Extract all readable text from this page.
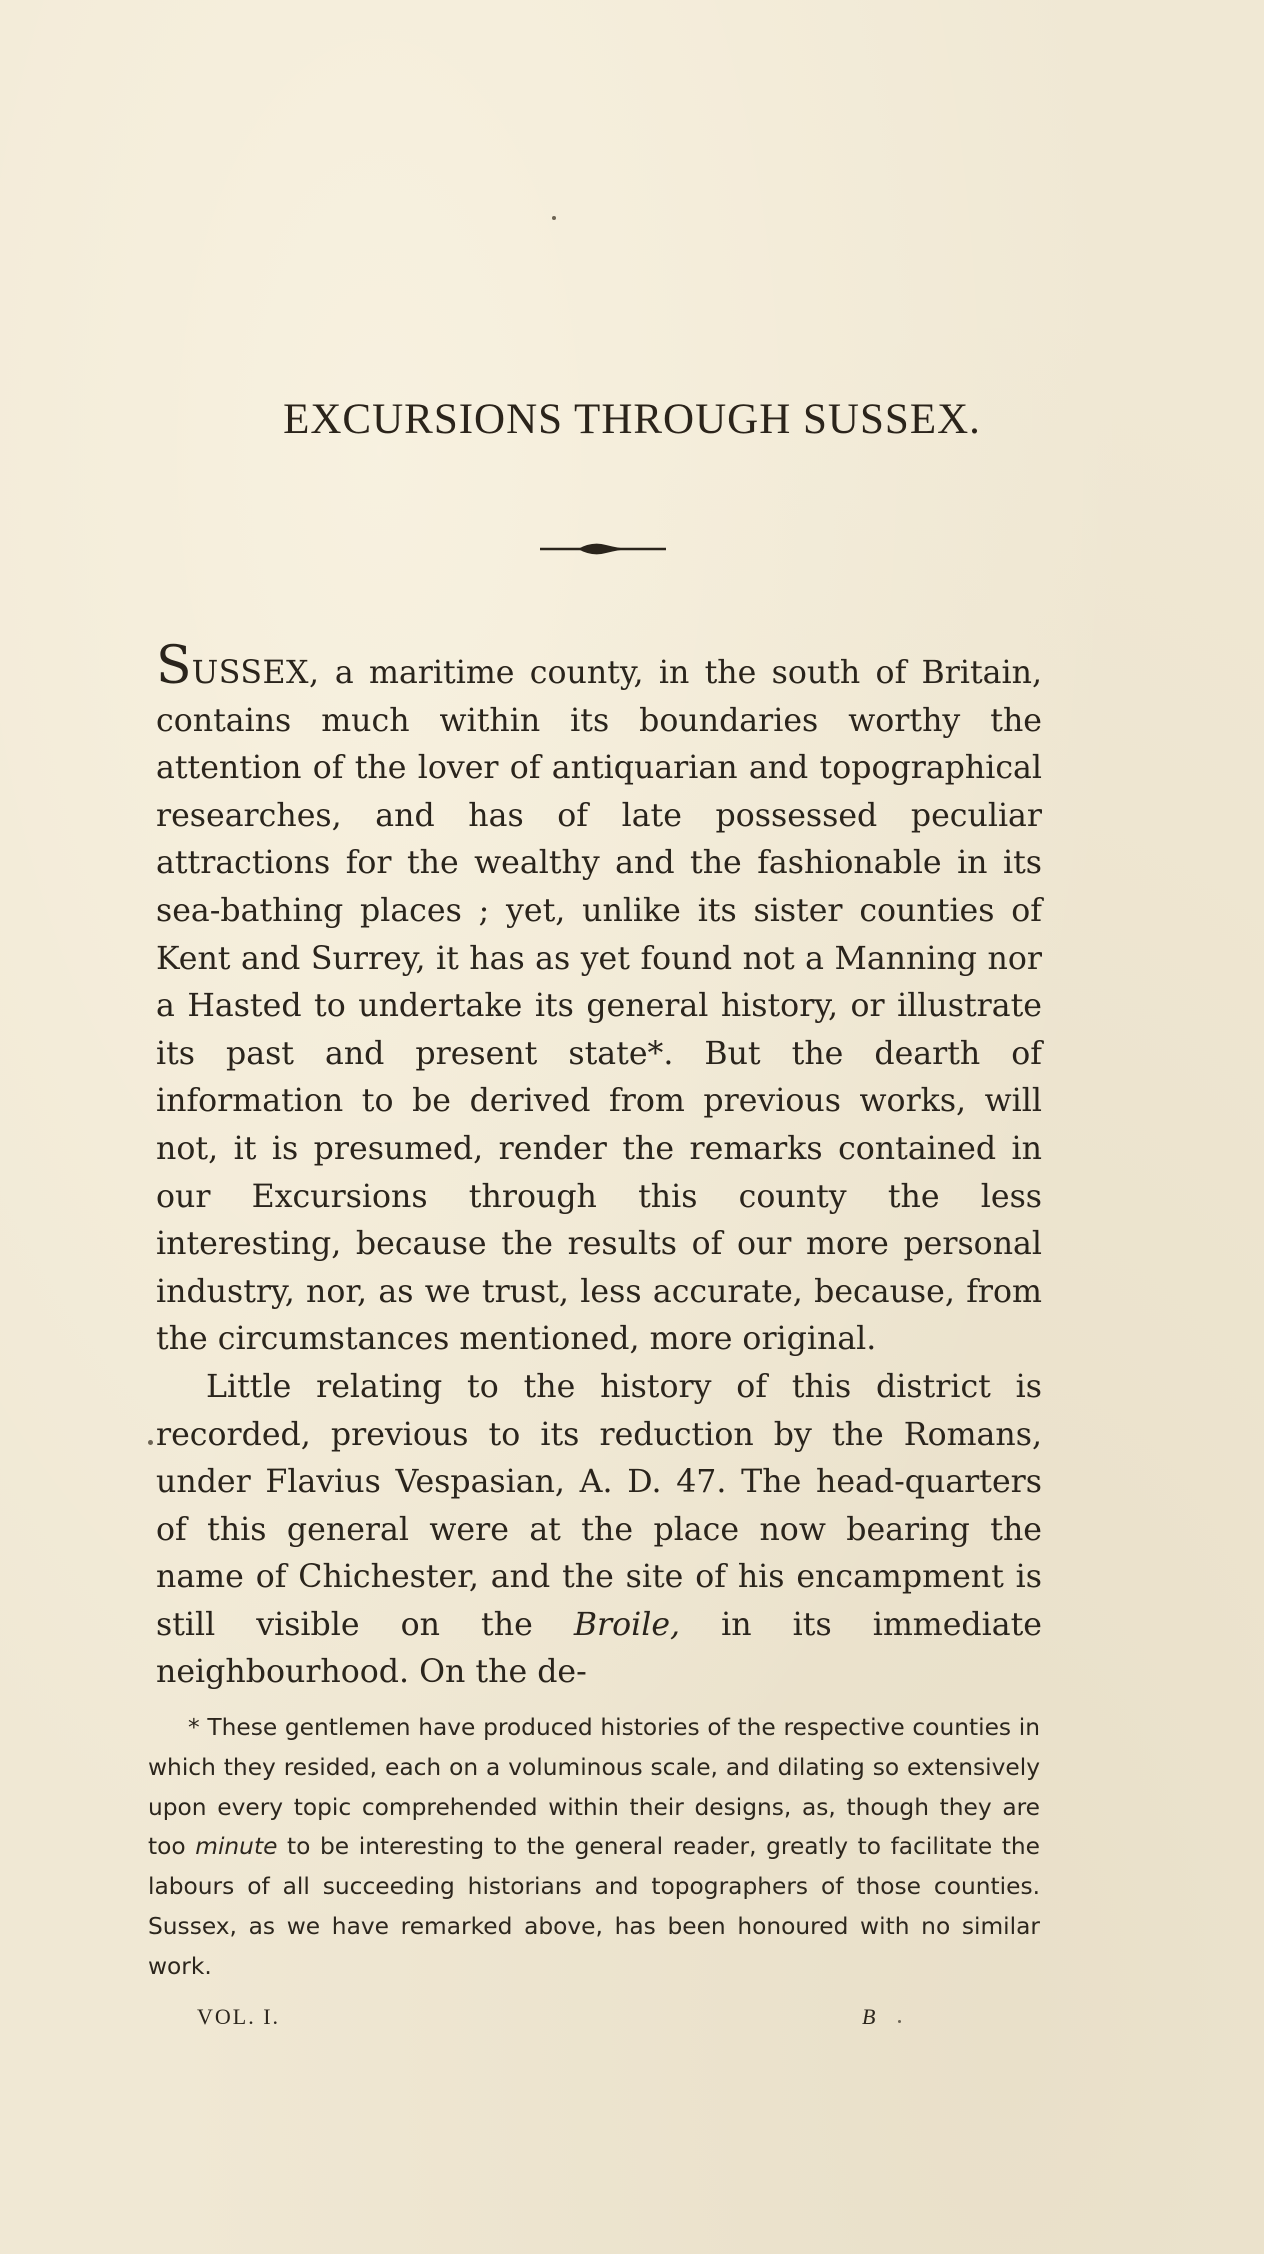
EXCURSIONS THROUGH SUSSEX.

SUSSEX, a maritime county, in the south of Britain, contains much within its boundaries worthy the attention of the lover of antiquarian and topographical researches, and has of late possessed peculiar attractions for the wealthy and the fashionable in its sea-bathing places ; yet, unlike its sister counties of Kent and Surrey, it has as yet found not a Manning nor a Hasted to undertake its general history, or illustrate its past and present state*. But the dearth of information to be derived from previous works, will not, it is presumed, render the remarks contained in our Excursions through this county the less interesting, because the results of our more personal industry, nor, as we trust, less accurate, because, from the circumstances mentioned, more original.

Little relating to the history of this district is recorded, previous to its reduction by the Romans, under Flavius Vespasian, A. D. 47. The head-quarters of this general were at the place now bearing the name of Chichester, and the site of his encampment is still visible on the Broile, in its immediate neighbourhood. On the de-

* These gentlemen have produced histories of the respective counties in which they resided, each on a voluminous scale, and dilating so extensively upon every topic comprehended within their designs, as, though they are too minute to be interesting to the general reader, greatly to facilitate the labours of all succeeding historians and topographers of those counties. Sussex, as we have remarked above, has been honoured with no similar work.

VOL. I.	B
